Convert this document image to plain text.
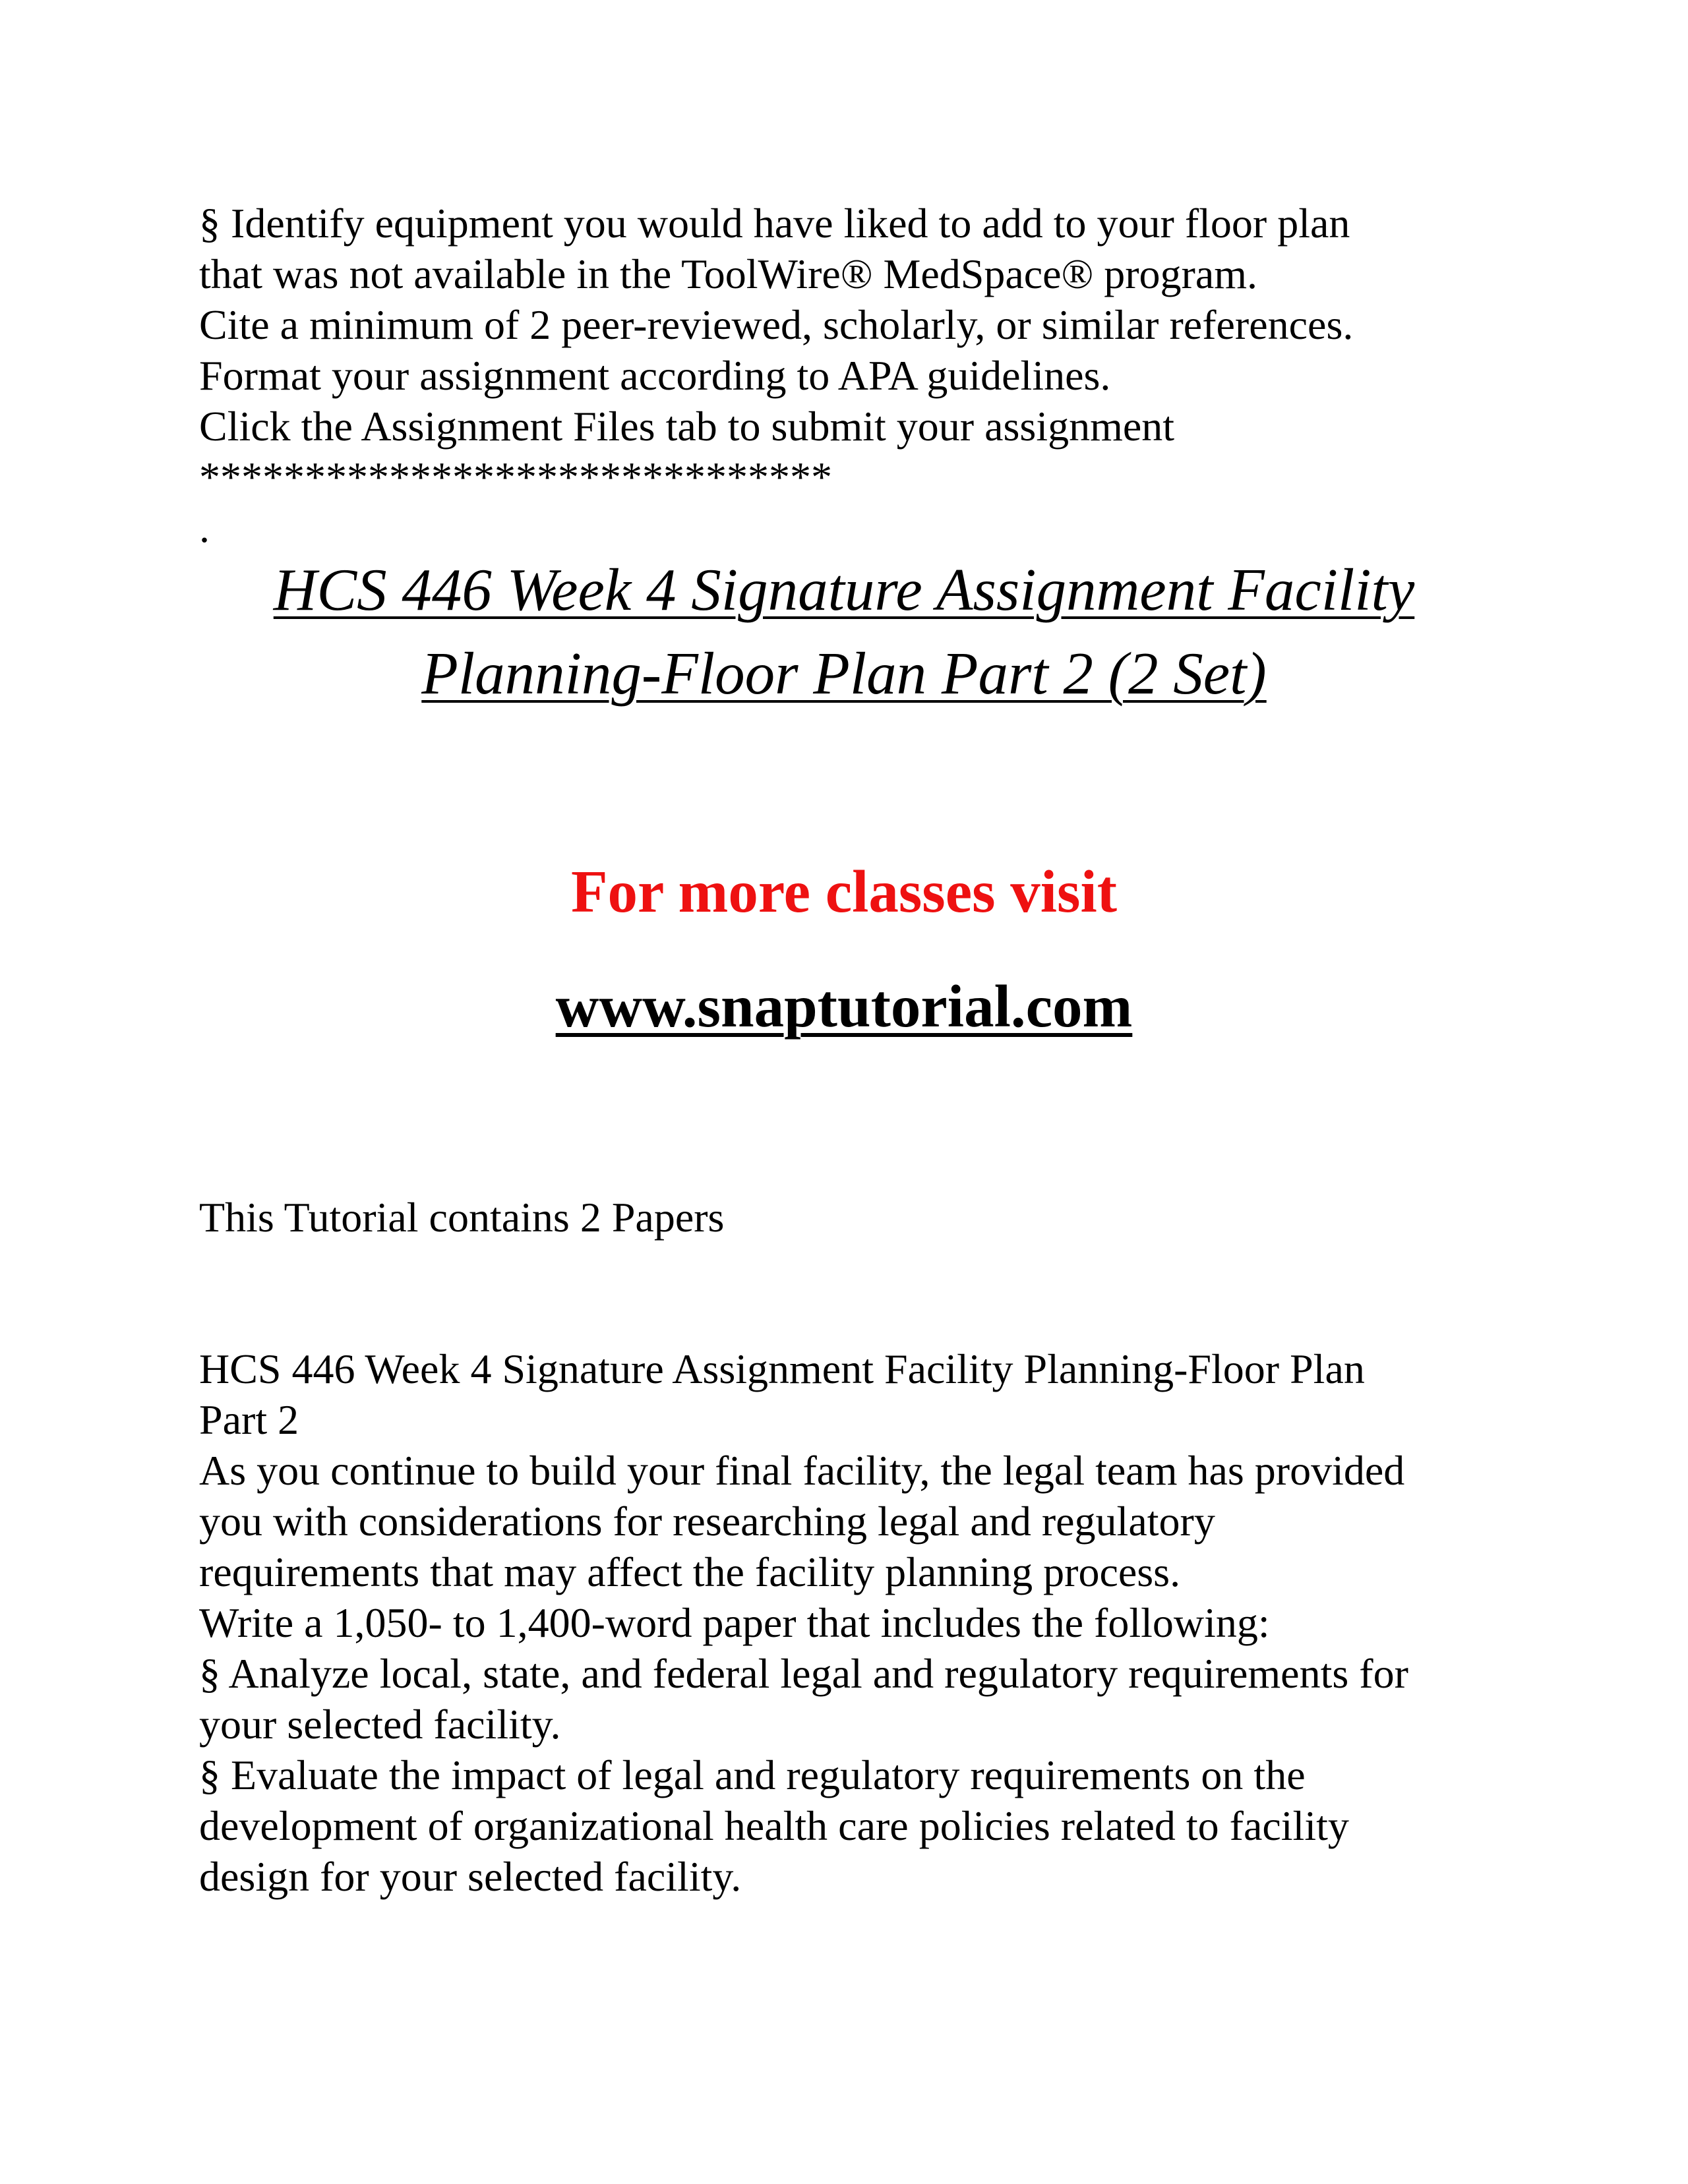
§ Identify equipment you would have liked to add to your floor plan

that was not available in the ToolWire® MedSpace® program.

Cite a minimum of 2 peer-reviewed, scholarly, or similar references.

Format your assignment according to APA guidelines.

Click the Assignment Files tab to submit your assignment

******************************

.

HCS 446 Week 4 Signature Assignment Facility

Planning-Floor Plan Part 2 (2 Set)

For more classes visit

www.snaptutorial.com

This Tutorial contains 2 Papers

HCS 446 Week 4 Signature Assignment Facility Planning-Floor Plan

Part 2

As you continue to build your final facility, the legal team has provided

you with considerations for researching legal and regulatory

requirements that may affect the facility planning process.

Write a 1,050- to 1,400-word paper that includes the following:

§ Analyze local, state, and federal legal and regulatory requirements for

your selected facility.

§ Evaluate the impact of legal and regulatory requirements on the

development of organizational health care policies related to facility

design for your selected facility.
